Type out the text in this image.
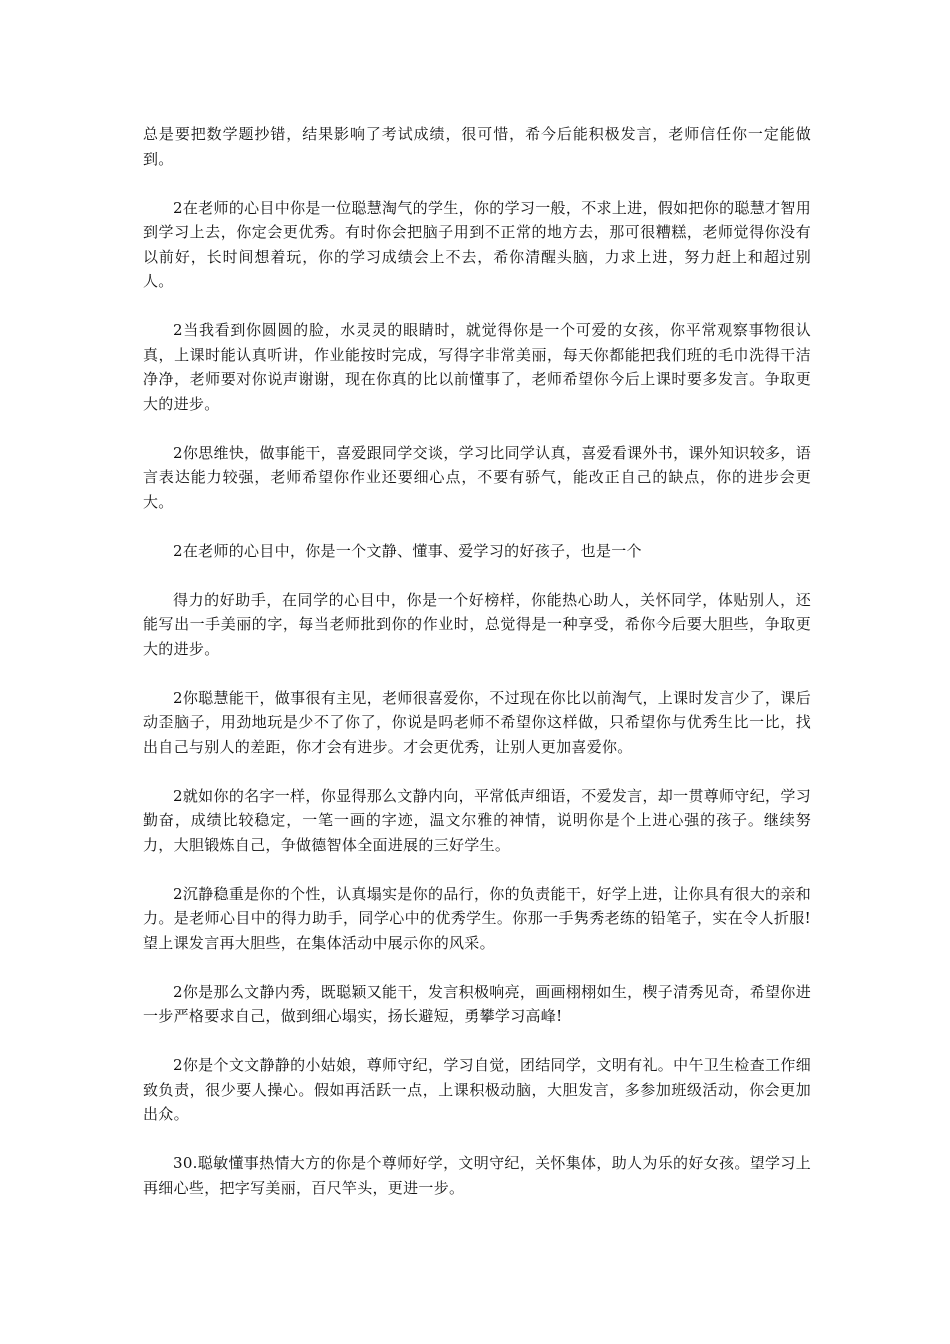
总是要把数学题抄错，结果影响了考试成绩，很可惜，希今后能积极发言，老师信任你一定能做到。

2在老师的心目中你是一位聪慧淘气的学生，你的学习一般，不求上进，假如把你的聪慧才智用到学习上去，你定会更优秀。有时你会把脑子用到不正常的地方去，那可很糟糕，老师觉得你没有以前好，长时间想着玩，你的学习成绩会上不去，希你清醒头脑，力求上进，努力赶上和超过别人。

2当我看到你圆圆的脸，水灵灵的眼睛时，就觉得你是一个可爱的女孩，你平常观察事物很认真，上课时能认真听讲，作业能按时完成，写得字非常美丽，每天你都能把我们班的毛巾洗得干洁净净，老师要对你说声谢谢，现在你真的比以前懂事了，老师希望你今后上课时要多发言。争取更大的进步。

2你思维快，做事能干，喜爱跟同学交谈，学习比同学认真，喜爱看课外书，课外知识较多，语言表达能力较强，老师希望你作业还要细心点，不要有骄气，能改正自己的缺点，你的进步会更大。

2在老师的心目中，你是一个文静、懂事、爱学习的好孩子，也是一个

得力的好助手，在同学的心目中，你是一个好榜样，你能热心助人，关怀同学，体贴别人，还能写出一手美丽的字，每当老师批到你的作业时，总觉得是一种享受，希你今后要大胆些，争取更大的进步。

2你聪慧能干，做事很有主见，老师很喜爱你，不过现在你比以前淘气，上课时发言少了，课后动歪脑子，用劲地玩是少不了你了，你说是吗老师不希望你这样做，只希望你与优秀生比一比，找出自己与别人的差距，你才会有进步。才会更优秀，让别人更加喜爱你。

2就如你的名字一样，你显得那么文静内向，平常低声细语，不爱发言，却一贯尊师守纪，学习勤奋，成绩比较稳定，一笔一画的字迹，温文尔雅的神情，说明你是个上进心强的孩子。继续努力，大胆锻炼自己，争做德智体全面进展的三好学生。

2沉静稳重是你的个性，认真塌实是你的品行，你的负责能干，好学上进，让你具有很大的亲和力。是老师心目中的得力助手，同学心中的优秀学生。你那一手隽秀老练的铅笔子，实在令人折服!望上课发言再大胆些，在集体活动中展示你的风采。

2你是那么文静内秀，既聪颖又能干，发言积极响亮，画画栩栩如生，楔子清秀见奇，希望你进一步严格要求自己，做到细心塌实，扬长避短，勇攀学习高峰!

2你是个文文静静的小姑娘，尊师守纪，学习自觉，团结同学，文明有礼。中午卫生检查工作细致负责，很少要人操心。假如再活跃一点，上课积极动脑，大胆发言，多参加班级活动，你会更加出众。

30.聪敏懂事热情大方的你是个尊师好学，文明守纪，关怀集体，助人为乐的好女孩。望学习上再细心些，把字写美丽，百尺竿头，更进一步。
